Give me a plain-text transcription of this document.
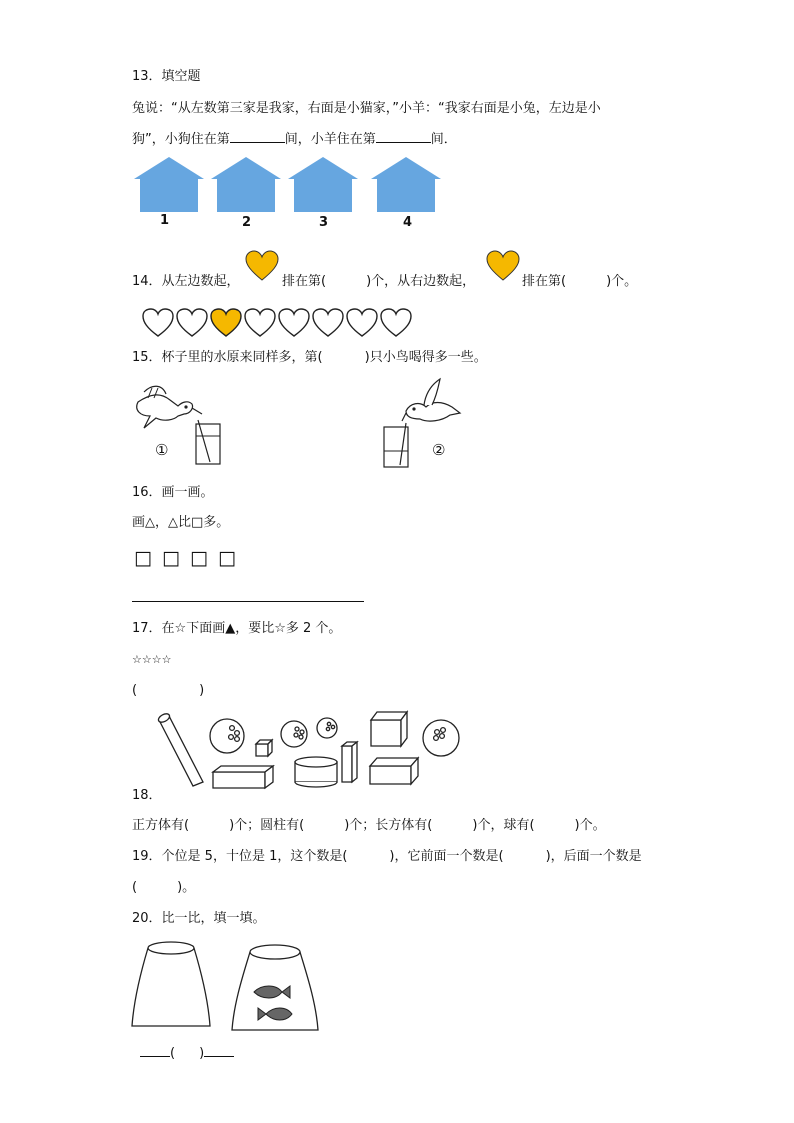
13．填空题
兔说：“从左数第三家是我家，右面是小猫家，”小羊：“我家右面是小兔，左边是小
狗”，小狗住在第	间，小羊住在第	间．
1	2	3	4
14．从左边数起，	排在第(	)个，从右边数起，	排在第(	)个。
15．杯子里的水原来同样多，第(	)只小鸟喝得多一些。
①	②
16．画一画。
画△，△比□多。
□ □ □ □
17．在☆下面画▲，要比☆多 2 个。
☆☆☆☆
(	)
18．
正方体有(	)个；圆柱有(	)个；长方体有(	)个，球有(	)个。
19．个位是 5，十位是 1，这个数是(	)，它前面一个数是(	)，后面一个数是
(	)。
20．比一比，填一填。
( )
